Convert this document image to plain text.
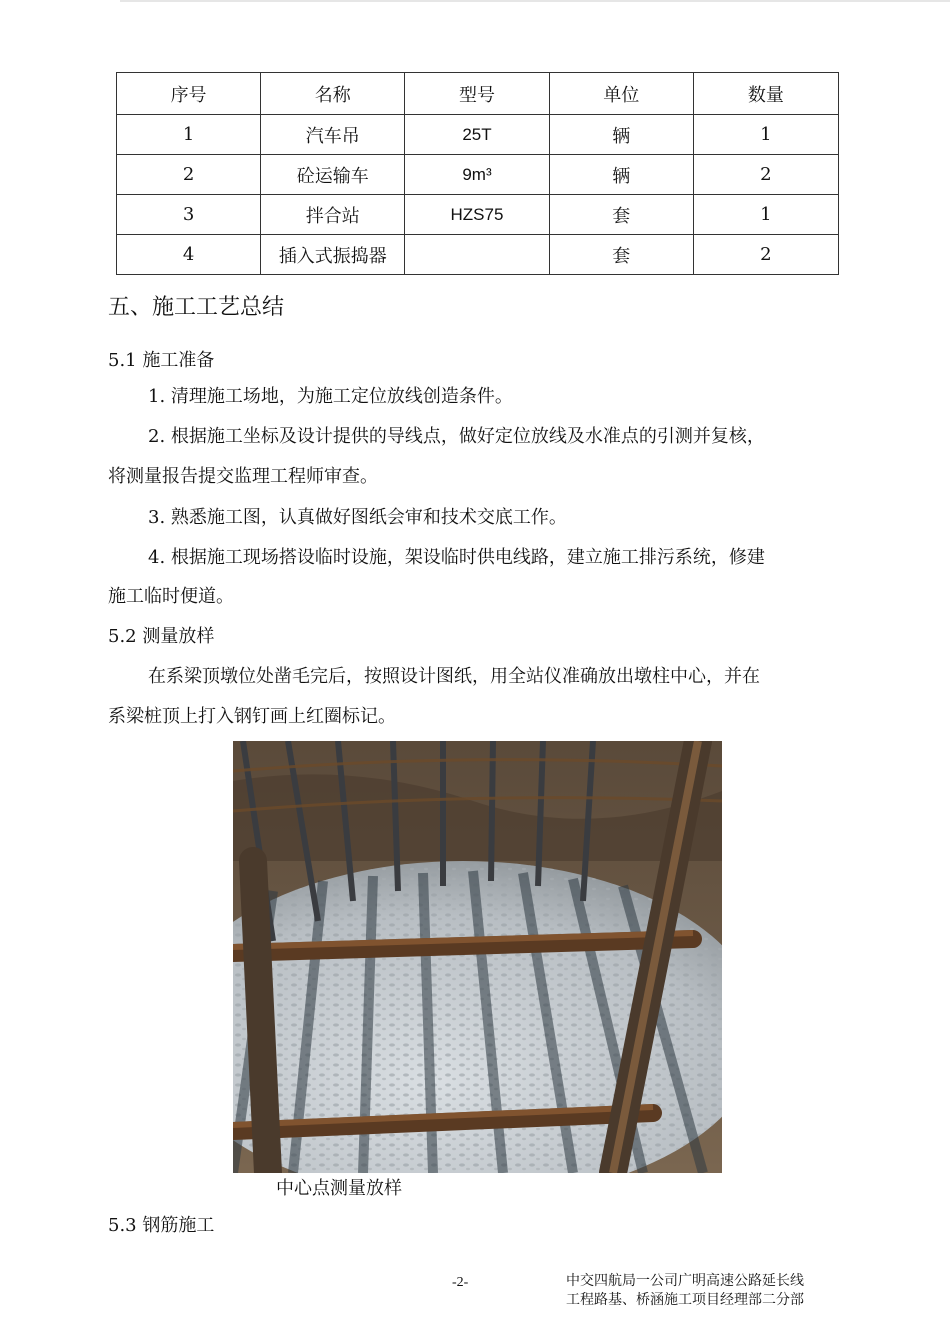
序号	名称	型号	单位	数量
1	汽车吊	25T	辆	1
2	砼运输车	9m³	辆	2
3	拌合站	HZS75	套	1
4	插入式振捣器		套	2
五、施工工艺总结
5.1 施工准备
1. 清理施工场地，为施工定位放线创造条件。
2. 根据施工坐标及设计提供的导线点，做好定位放线及水准点的引测并复核，
将测量报告提交监理工程师审查。
3. 熟悉施工图，认真做好图纸会审和技术交底工作。
4. 根据施工现场搭设临时设施，架设临时供电线路，建立施工排污系统，修建
施工临时便道。
5.2 测量放样
在系梁顶墩位处凿毛完后，按照设计图纸，用全站仪准确放出墩柱中心，并在
系梁桩顶上打入钢钉画上红圈标记。
中心点测量放样
5.3 钢筋施工
-2-	中交四航局一公司广明高速公路延长线
工程路基、桥涵施工项目经理部二分部
